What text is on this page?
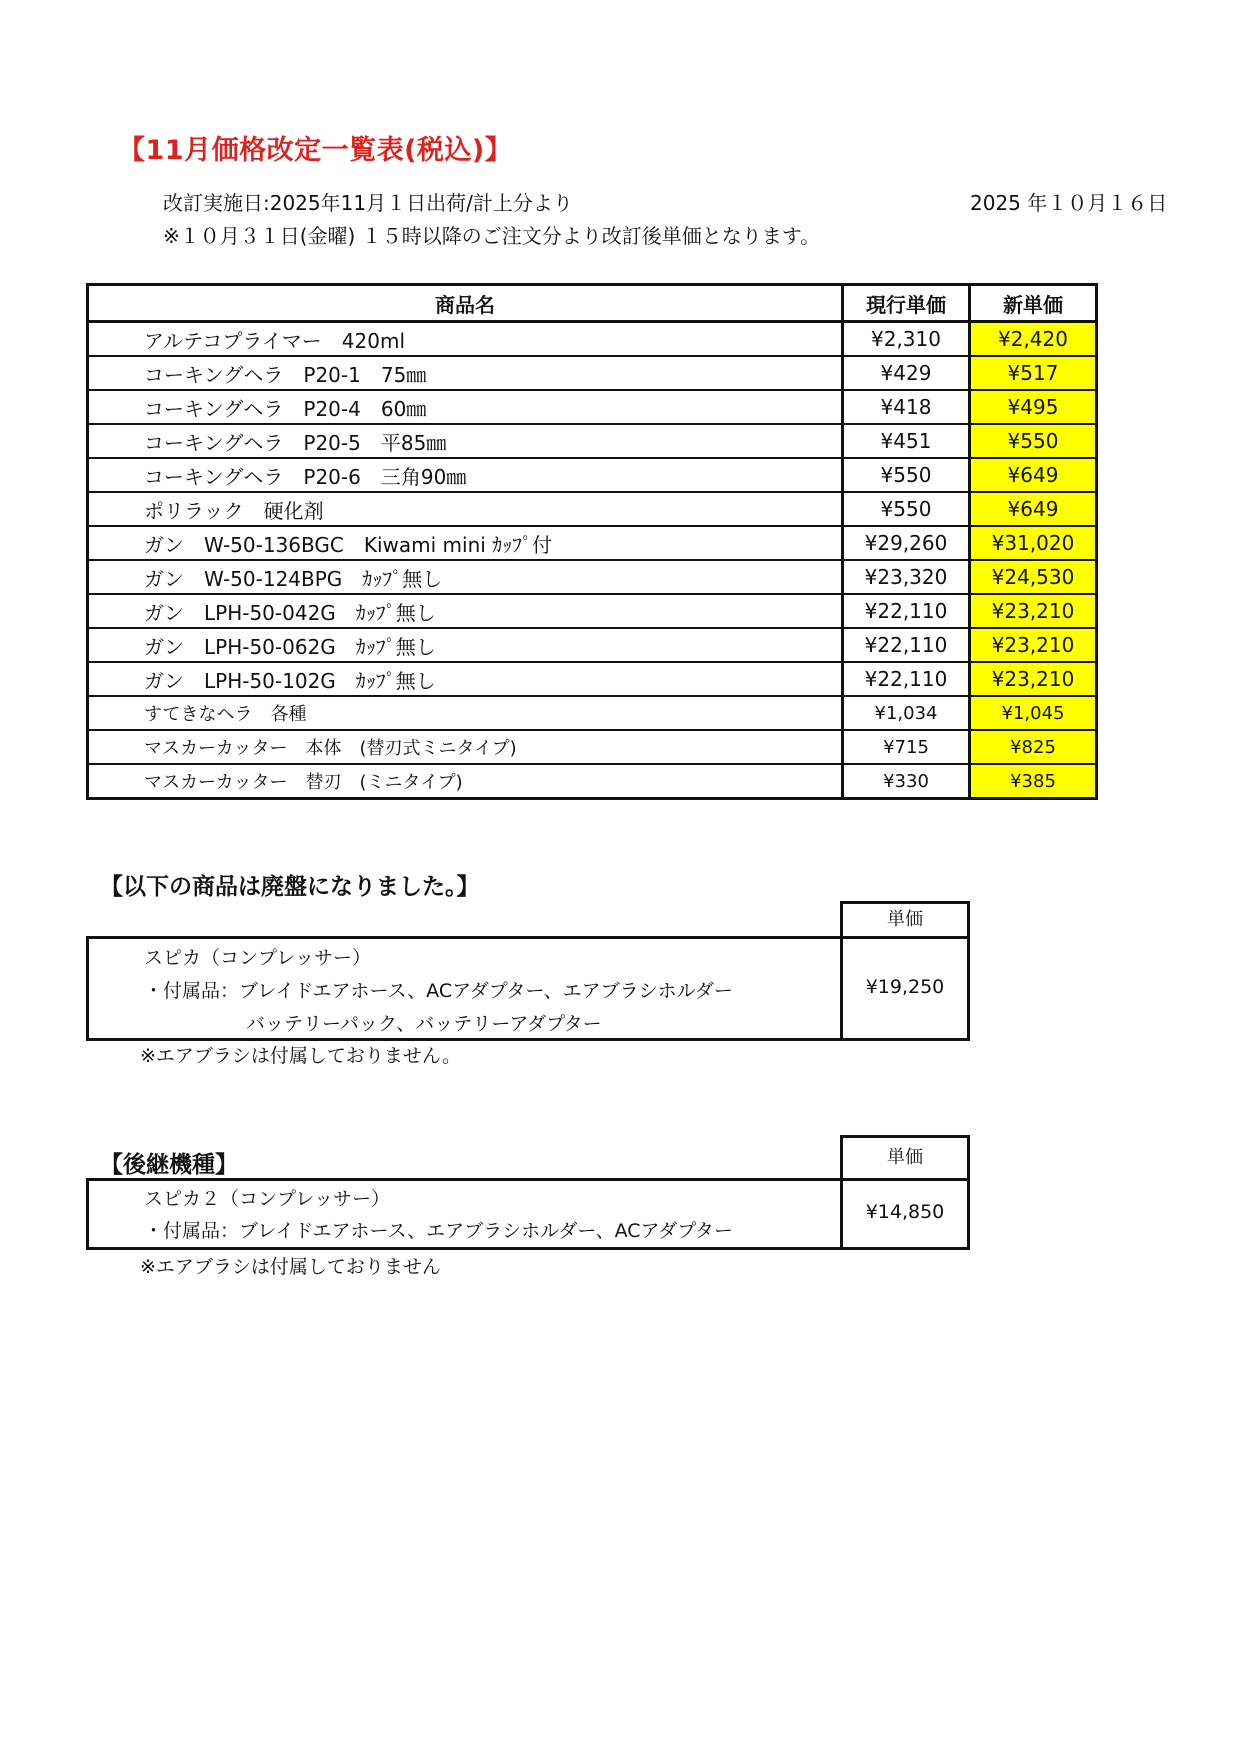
【11月価格改定一覧表(税込)】
改訂実施日:2025年11月１日出荷/計上分より	2025 年１０月１６日
※１０月３１日(金曜) １５時以降のご注文分より改訂後単価となります。
商品名	現行単価	新単価
アルテコプライマー　420ml	¥2,310	¥2,420
コーキングヘラ　P20-1　75㎜	¥429	¥517
コーキングヘラ　P20-4　60㎜	¥418	¥495
コーキングヘラ　P20-5　平85㎜	¥451	¥550
コーキングヘラ　P20-6　三角90㎜	¥550	¥649
ポリラック　硬化剤	¥550	¥649
ガン　W-50-136BGC　Kiwami mini ｶｯﾌﾟ付	¥29,260	¥31,020
ガン　W-50-124BPG　ｶｯﾌﾟ無し	¥23,320	¥24,530
ガン　LPH-50-042G　ｶｯﾌﾟ無し	¥22,110	¥23,210
ガン　LPH-50-062G　ｶｯﾌﾟ無し	¥22,110	¥23,210
ガン　LPH-50-102G　ｶｯﾌﾟ無し	¥22,110	¥23,210
すてきなヘラ　各種	¥1,034	¥1,045
マスカーカッター　本体　(替刃式ミニタイプ)	¥715	¥825
マスカーカッター　替刃　(ミニタイプ)	¥330	¥385
【以下の商品は廃盤になりました。】
単価
スピカ（コンプレッサー）
・付属品：ブレイドエアホース、ACアダプター、エアブラシホルダー
バッテリーパック、バッテリーアダプター
¥19,250
※エアブラシは付属しておりません。
【後継機種】	単価
スピカ２（コンプレッサー）
・付属品：ブレイドエアホース、エアブラシホルダー、ACアダプター
¥14,850
※エアブラシは付属しておりません
